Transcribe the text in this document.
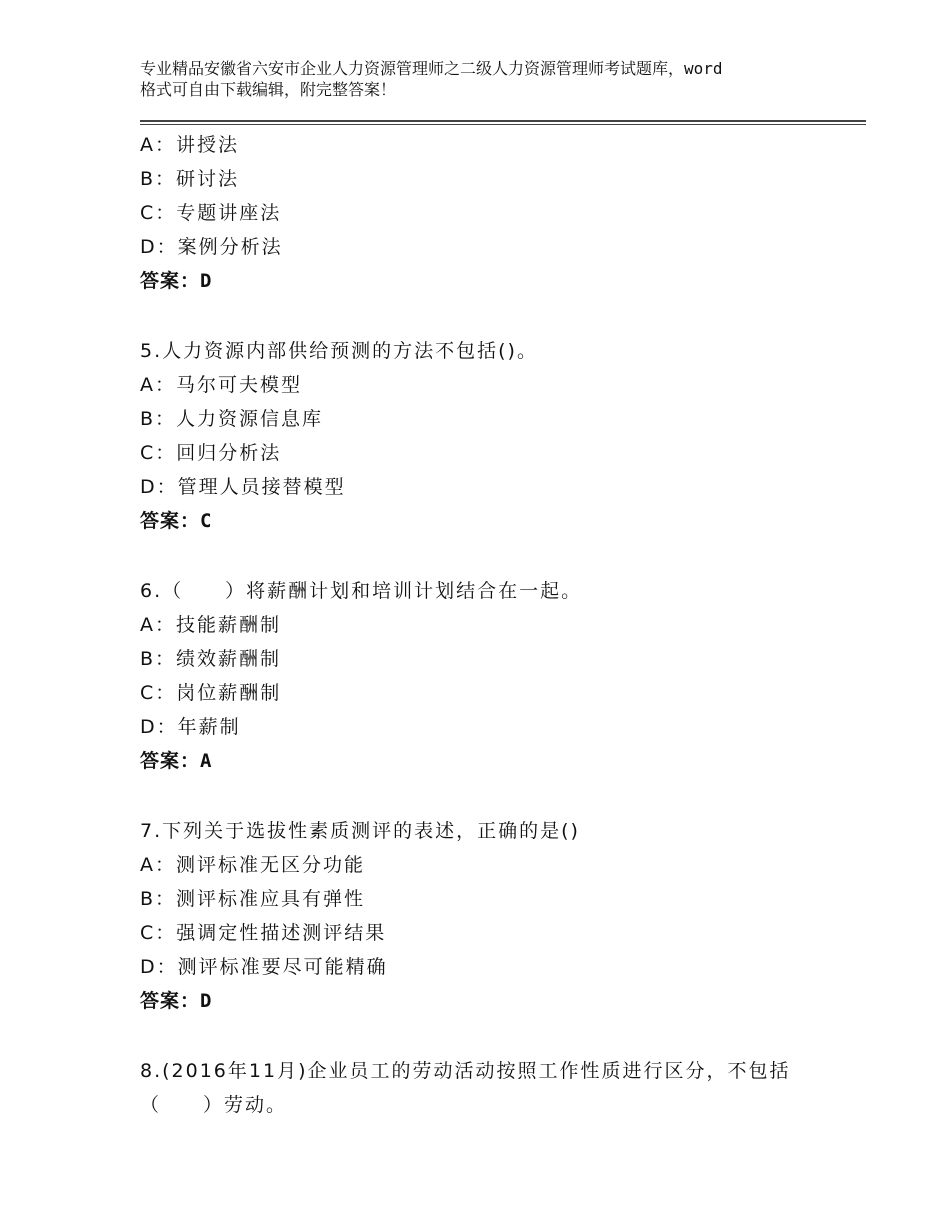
专业精品安徽省六安市企业人力资源管理师之二级人力资源管理师考试题库，word
格式可自由下载编辑，附完整答案！
A：讲授法
B：研讨法
C：专题讲座法
D：案例分析法
答案：D
5.人力资源内部供给预测的方法不包括()。
A：马尔可夫模型
B：人力资源信息库
C：回归分析法
D：管理人员接替模型
答案：C
6.（　　）将薪酬计划和培训计划结合在一起。
A：技能薪酬制
B：绩效薪酬制
C：岗位薪酬制
D：年薪制
答案：A
7.下列关于选拔性素质测评的表述，正确的是()
A：测评标准无区分功能
B：测评标准应具有弹性
C：强调定性描述测评结果
D：测评标准要尽可能精确
答案：D
8.(2016年11月)企业员工的劳动活动按照工作性质进行区分，不包括
（　　）劳动。
